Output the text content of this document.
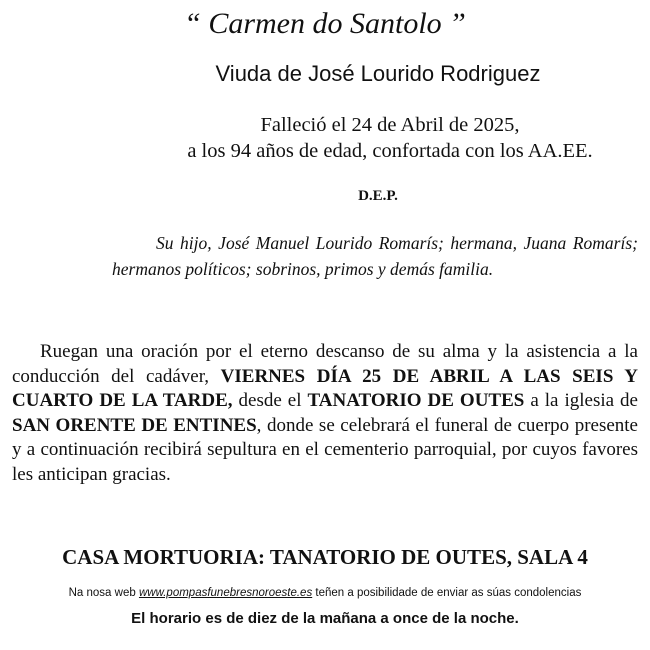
“ Carmen do Santolo ”
Viuda de José Lourido Rodriguez
Falleció el 24 de Abril de 2025,
a los 94 años de edad, confortada con los AA.EE.
D.E.P.

Su hijo, José Manuel Lourido Romarís; hermana, Juana Romarís; hermanos políticos; sobrinos, primos y demás familia.

Ruegan una oración por el eterno descanso de su alma y la asistencia a la conducción del cadáver, VIERNES DÍA 25 DE ABRIL A LAS SEIS Y CUARTO DE LA TARDE, desde el TANATORIO DE OUTES a la iglesia de SAN ORENTE DE ENTINES, donde se celebrará el funeral de cuerpo presente y a continuación recibirá sepultura en el cementerio parroquial, por cuyos favores les anticipan gracias.

CASA MORTUORIA: TANATORIO DE OUTES, SALA 4
Na nosa web www.pompasfunebresnoroeste.es teñen a posibilidade de enviar as súas condolencias
El horario es de diez de la mañana a once de la noche.
